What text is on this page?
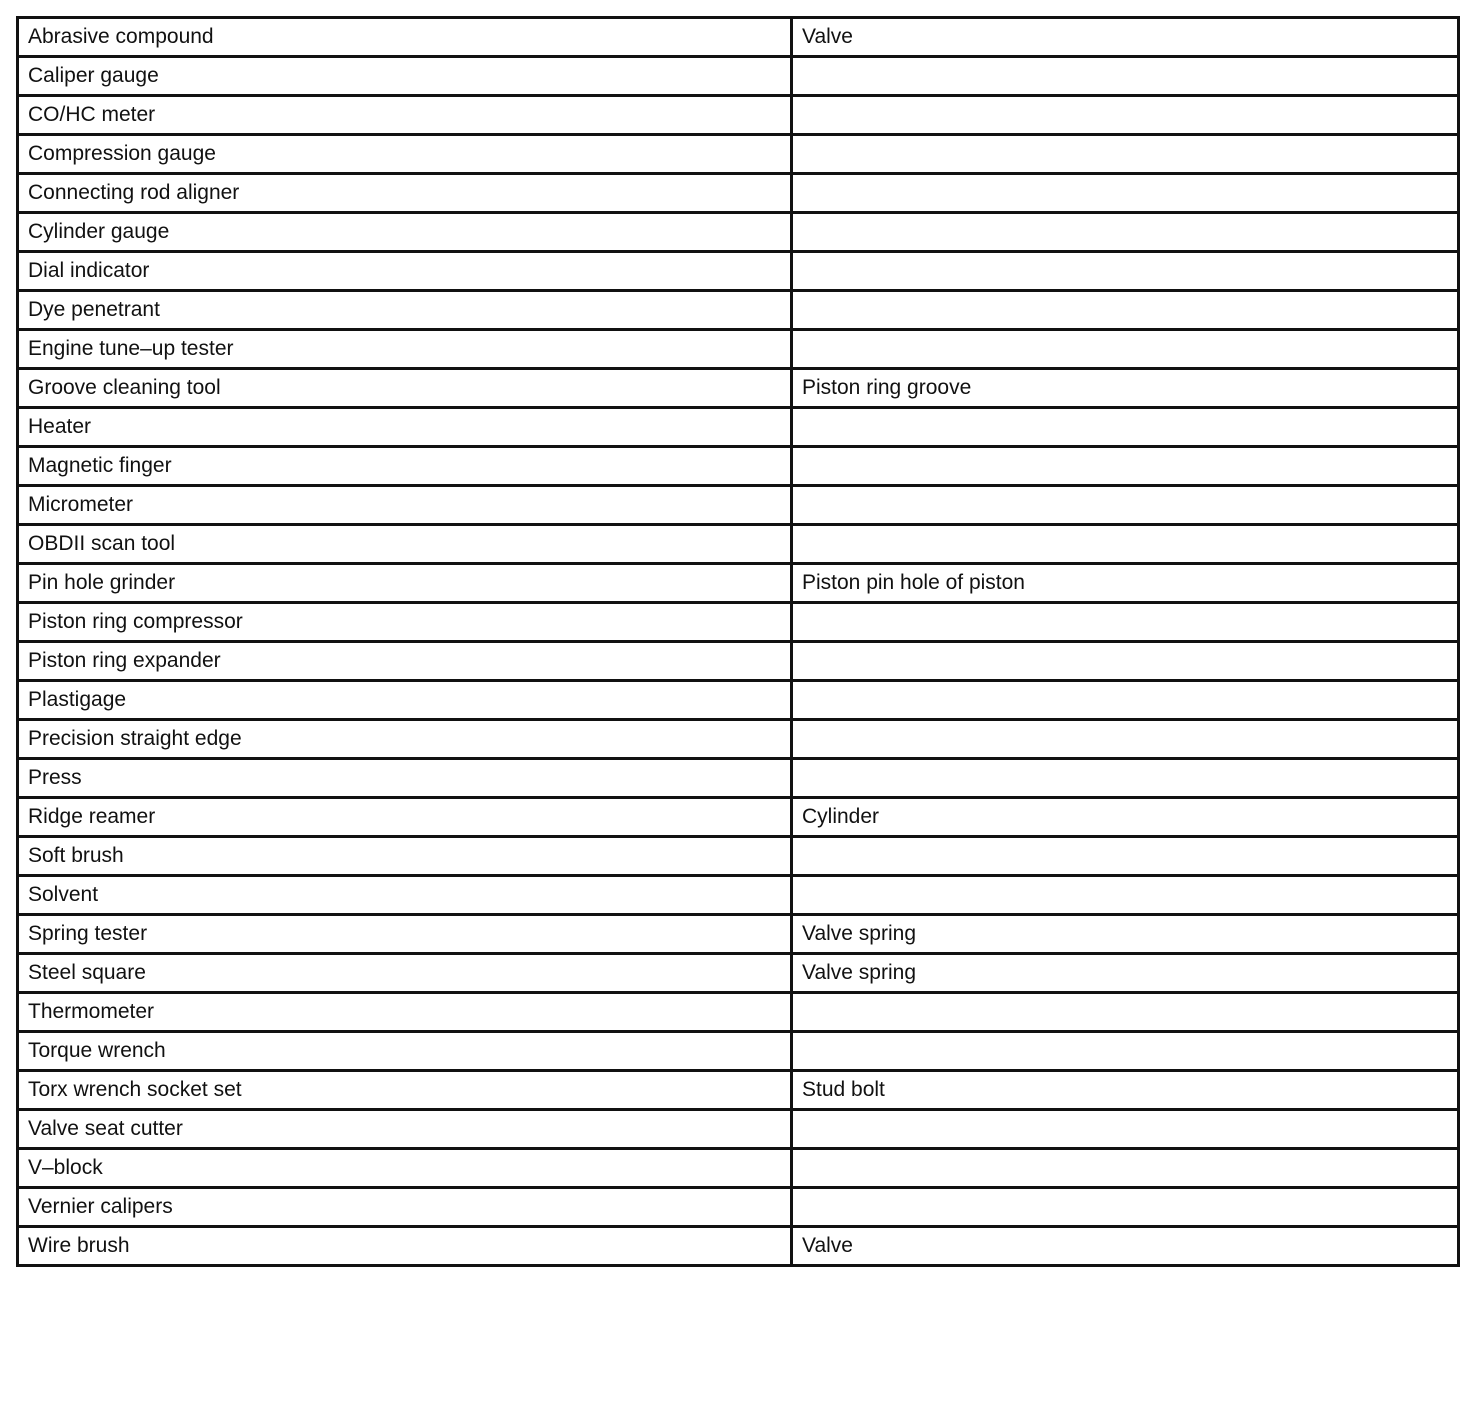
Abrasive compound	Valve
Caliper gauge	
CO/HC meter	
Compression gauge	
Connecting rod aligner	
Cylinder gauge	
Dial indicator	
Dye penetrant	
Engine tune–up tester	
Groove cleaning tool	Piston ring groove
Heater	
Magnetic finger	
Micrometer	
OBDII scan tool	
Pin hole grinder	Piston pin hole of piston
Piston ring compressor	
Piston ring expander	
Plastigage	
Precision straight edge	
Press	
Ridge reamer	Cylinder
Soft brush	
Solvent	
Spring tester	Valve spring
Steel square	Valve spring
Thermometer	
Torque wrench	
Torx wrench socket set	Stud bolt
Valve seat cutter	
V–block	
Vernier calipers	
Wire brush	Valve
